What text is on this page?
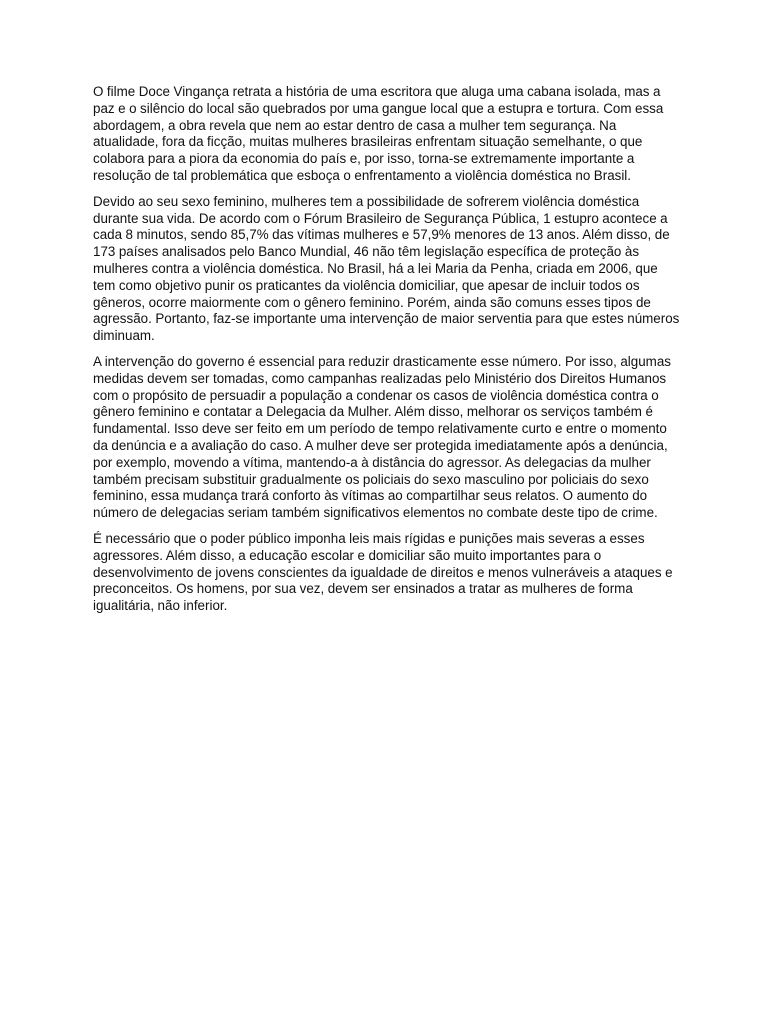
O filme Doce Vingança retrata a história de uma escritora que aluga uma cabana isolada, mas a paz e o silêncio do local são quebrados por uma gangue local que a estupra e tortura. Com essa abordagem, a obra revela que nem ao estar dentro de casa a mulher tem segurança. Na atualidade, fora da ficção, muitas mulheres brasileiras enfrentam situação semelhante, o que colabora para a piora da economia do país e, por isso, torna-se extremamente importante a resolução de tal problemática que esboça o enfrentamento a violência doméstica no Brasil.

Devido ao seu sexo feminino, mulheres tem a possibilidade de sofrerem violência doméstica durante sua vida. De acordo com o Fórum Brasileiro de Segurança Pública, 1 estupro acontece a cada 8 minutos, sendo 85,7% das vítimas mulheres e 57,9% menores de 13 anos. Além disso, de 173 países analisados pelo Banco Mundial, 46 não têm legislação específica de proteção às mulheres contra a violência doméstica. No Brasil, há a lei Maria da Penha, criada em 2006, que tem como objetivo punir os praticantes da violência domiciliar, que apesar de incluir todos os gêneros, ocorre maiormente com o gênero feminino. Porém, ainda são comuns esses tipos de agressão. Portanto, faz-se importante uma intervenção de maior serventia para que estes números diminuam.

A intervenção do governo é essencial para reduzir drasticamente esse número. Por isso, algumas medidas devem ser tomadas, como campanhas realizadas pelo Ministério dos Direitos Humanos com o propósito de persuadir a população a condenar os casos de violência doméstica contra o gênero feminino e contatar a Delegacia da Mulher. Além disso, melhorar os serviços também é fundamental. Isso deve ser feito em um período de tempo relativamente curto e entre o momento da denúncia e a avaliação do caso. A mulher deve ser protegida imediatamente após a denúncia, por exemplo, movendo a vítima, mantendo-a à distância do agressor. As delegacias da mulher também precisam substituir gradualmente os policiais do sexo masculino por policiais do sexo feminino, essa mudança trará conforto às vítimas ao compartilhar seus relatos. O aumento do número de delegacias seriam também significativos elementos no combate deste tipo de crime.

É necessário que o poder público imponha leis mais rígidas e punições mais severas a esses agressores. Além disso, a educação escolar e domiciliar são muito importantes para o desenvolvimento de jovens conscientes da igualdade de direitos e menos vulneráveis a ataques e preconceitos. Os homens, por sua vez, devem ser ensinados a tratar as mulheres de forma igualitária, não inferior.
